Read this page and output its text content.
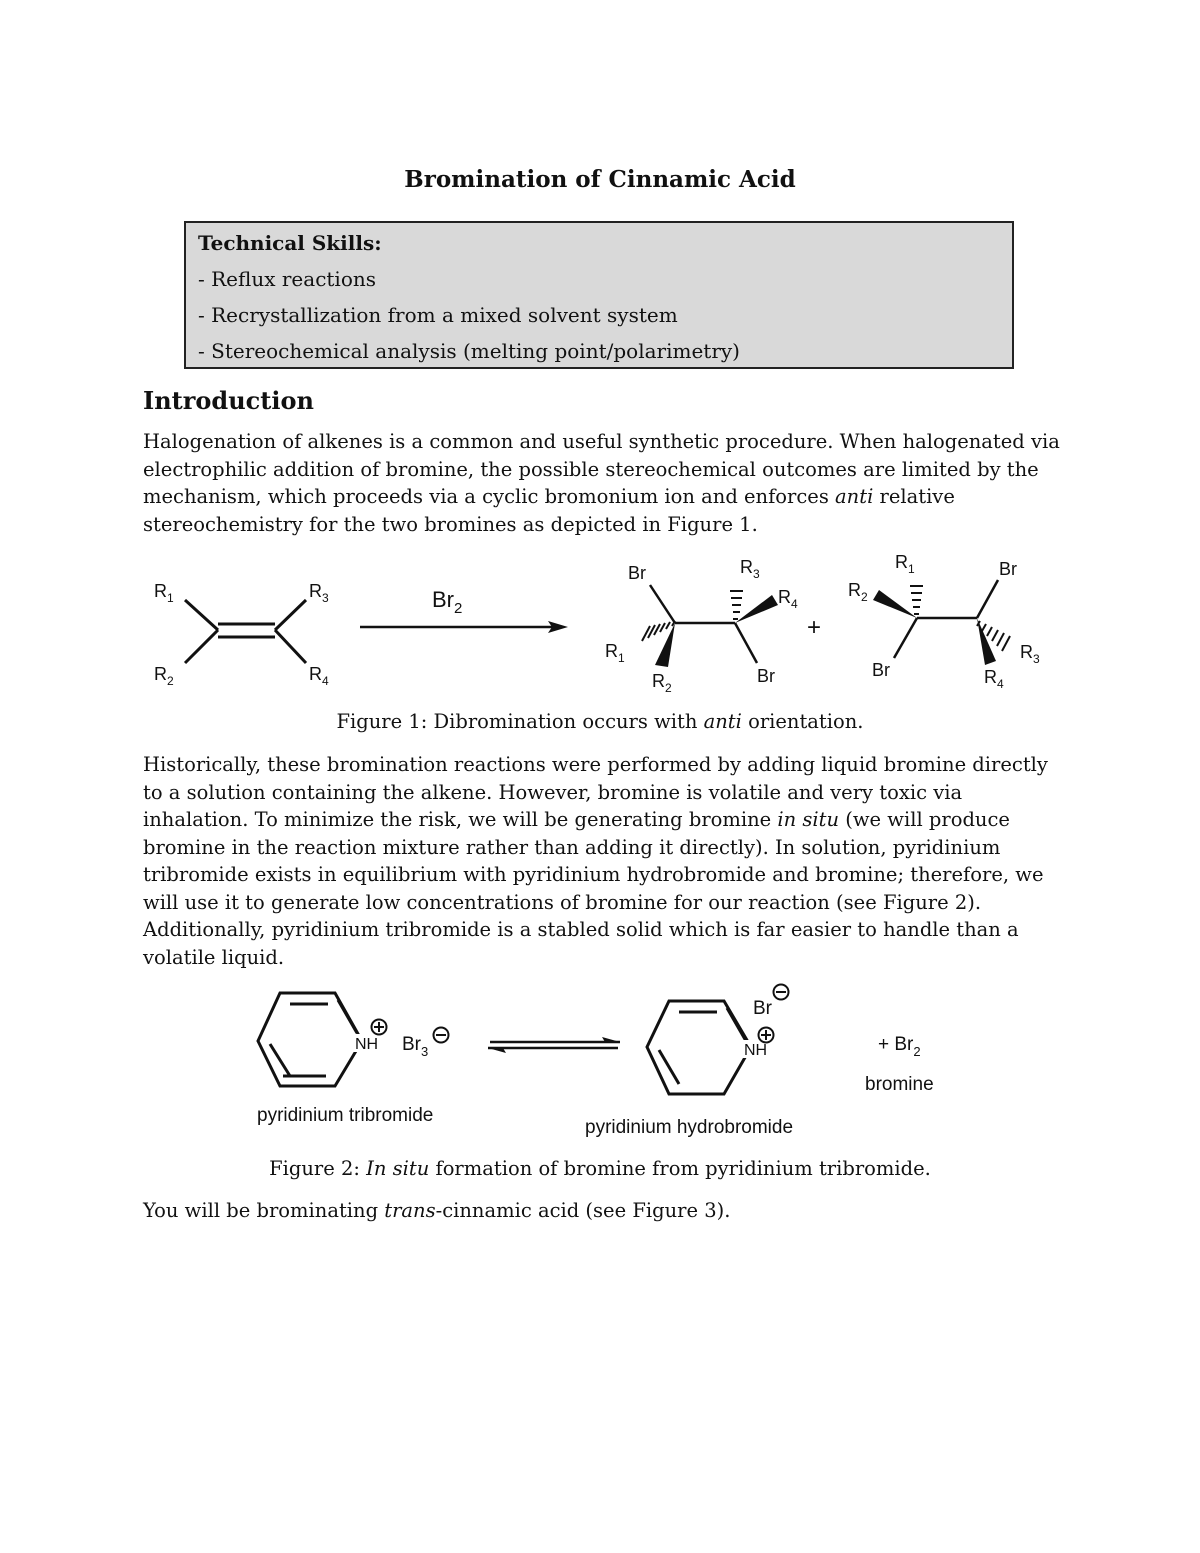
Bromination of Cinnamic Acid
Technical Skills:
- Reflux reactions
- Recrystallization from a mixed solvent system
- Stereochemical analysis (melting point/polarimetry)
Introduction

Halogenation of alkenes is a common and useful synthetic procedure. When halogenated via electrophilic addition of bromine, the possible stereochemical outcomes are limited by the mechanism, which proceeds via a cyclic bromonium ion and enforces anti relative stereochemistry for the two bromines as depicted in Figure 1.

$R_1$
$R_2$
$R_3$
$R_4$
$Br_2$
Br	$R_3$
$R_4$
$R_1$
$R_2$
Br
+
$R_1$
$R_2$
Br
Br
$R_3$
$R_4$
Figure 1: Dibromination occurs with anti orientation.

Historically, these bromination reactions were performed by adding liquid bromine directly to a solution containing the alkene. However, bromine is volatile and very toxic via inhalation. To minimize the risk, we will be generating bromine in situ (we will produce bromine in the reaction mixture rather than adding it directly). In solution, pyridinium tribromide exists in equilibrium with pyridinium hydrobromide and bromine; therefore, we will use it to generate low concentrations of bromine for our reaction (see Figure 2). Additionally, pyridinium tribromide is a stabled solid which is far easier to handle than a volatile liquid.

NH $Br_3$	NH
Br
+ $Br_2$
bromine
pyridinium tribromide
pyridinium hydrobromide
Figure 2: In situ formation of bromine from pyridinium tribromide.

You will be brominating trans-cinnamic acid (see Figure 3).
